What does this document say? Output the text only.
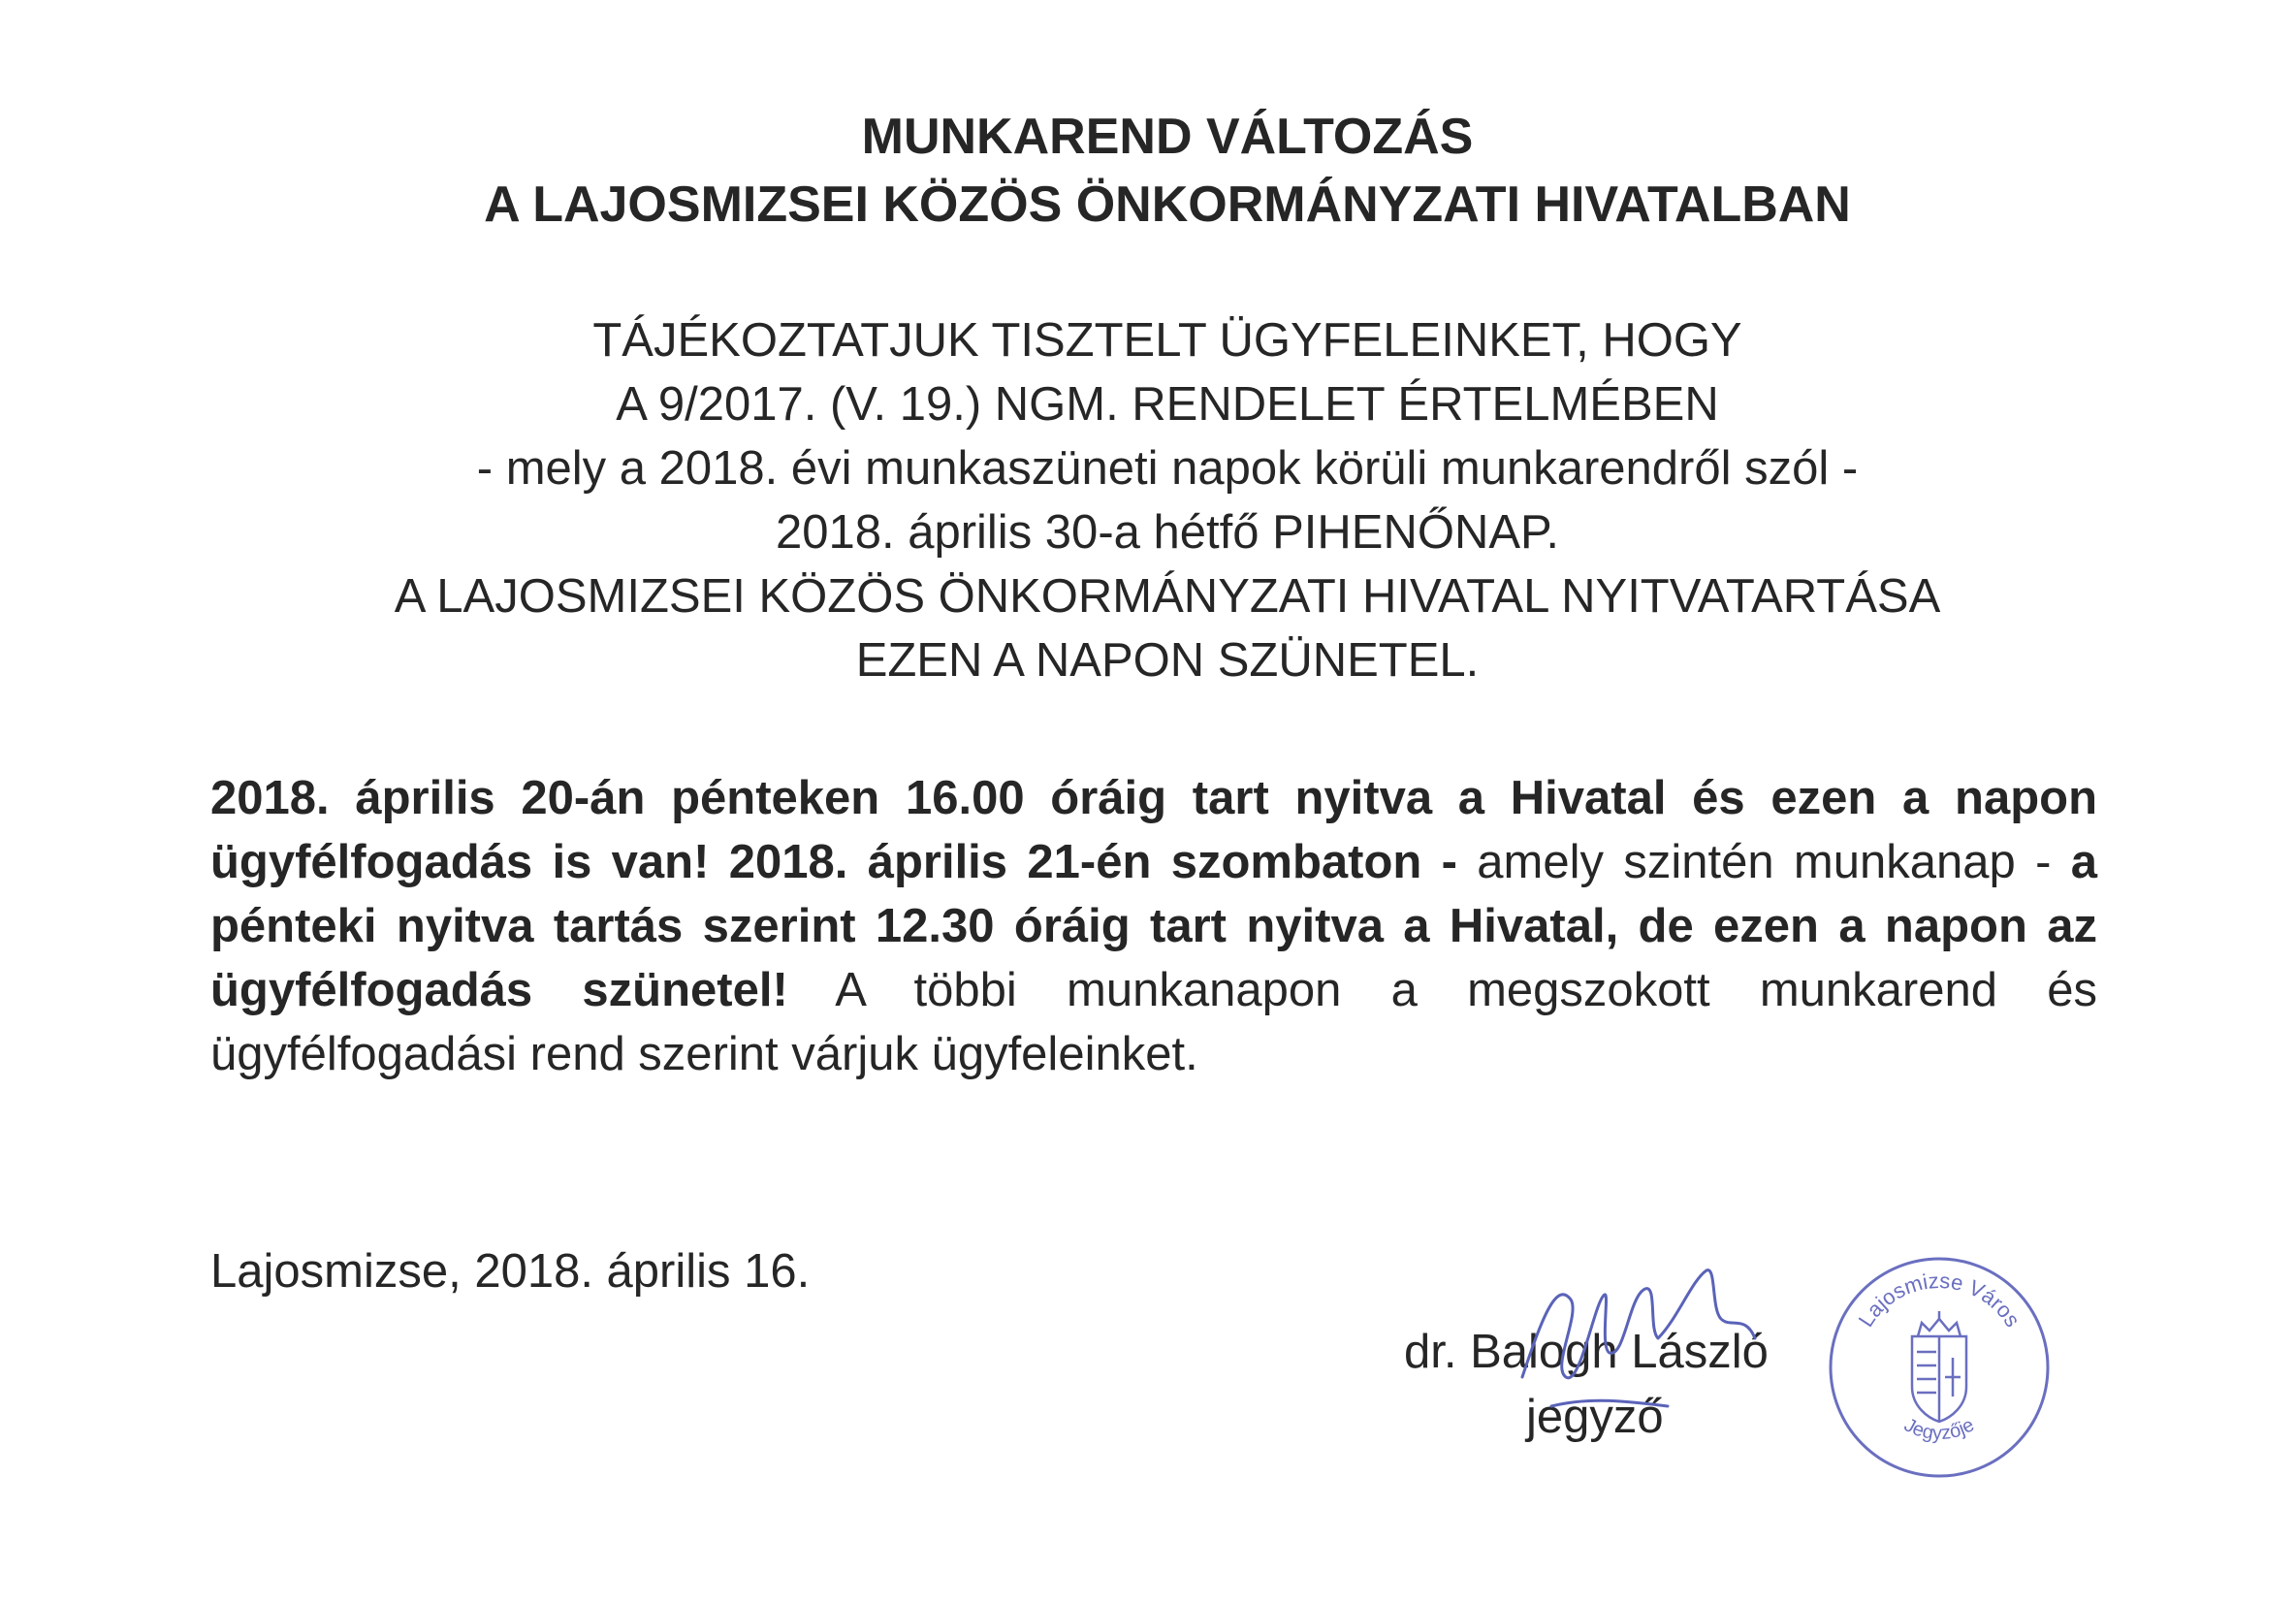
MUNKAREND VÁLTOZÁS
A LAJOSMIZSEI KÖZÖS ÖNKORMÁNYZATI HIVATALBAN
TÁJÉKOZTATJUK TISZTELT ÜGYFELEINKET, HOGY
A 9/2017. (V. 19.) NGM. RENDELET ÉRTELMÉBEN
- mely a 2018. évi munkaszüneti napok körüli munkarendről szól -
2018. április 30-a hétfő PIHENŐNAP.
A LAJOSMIZSEI KÖZÖS ÖNKORMÁNYZATI HIVATAL NYITVATARTÁSA
EZEN A NAPON SZÜNETEL.

2018. április 20-án pénteken 16.00 óráig tart nyitva a Hivatal és ezen a napon ügyfélfogadás is van! 2018. április 21-én szombaton - amely szintén munkanap - a pénteki nyitva tartás szerint 12.30 óráig tart nyitva a Hivatal, de ezen a napon az ügyfélfogadás szünetel! A többi munkanapon a megszokott munkarend és ügyfélfogadási rend szerint várjuk ügyfeleinket.

Lajosmizse, 2018. április 16.

dr. Balogh László

jegyző

Lajosmizse Város
Jegyzője
